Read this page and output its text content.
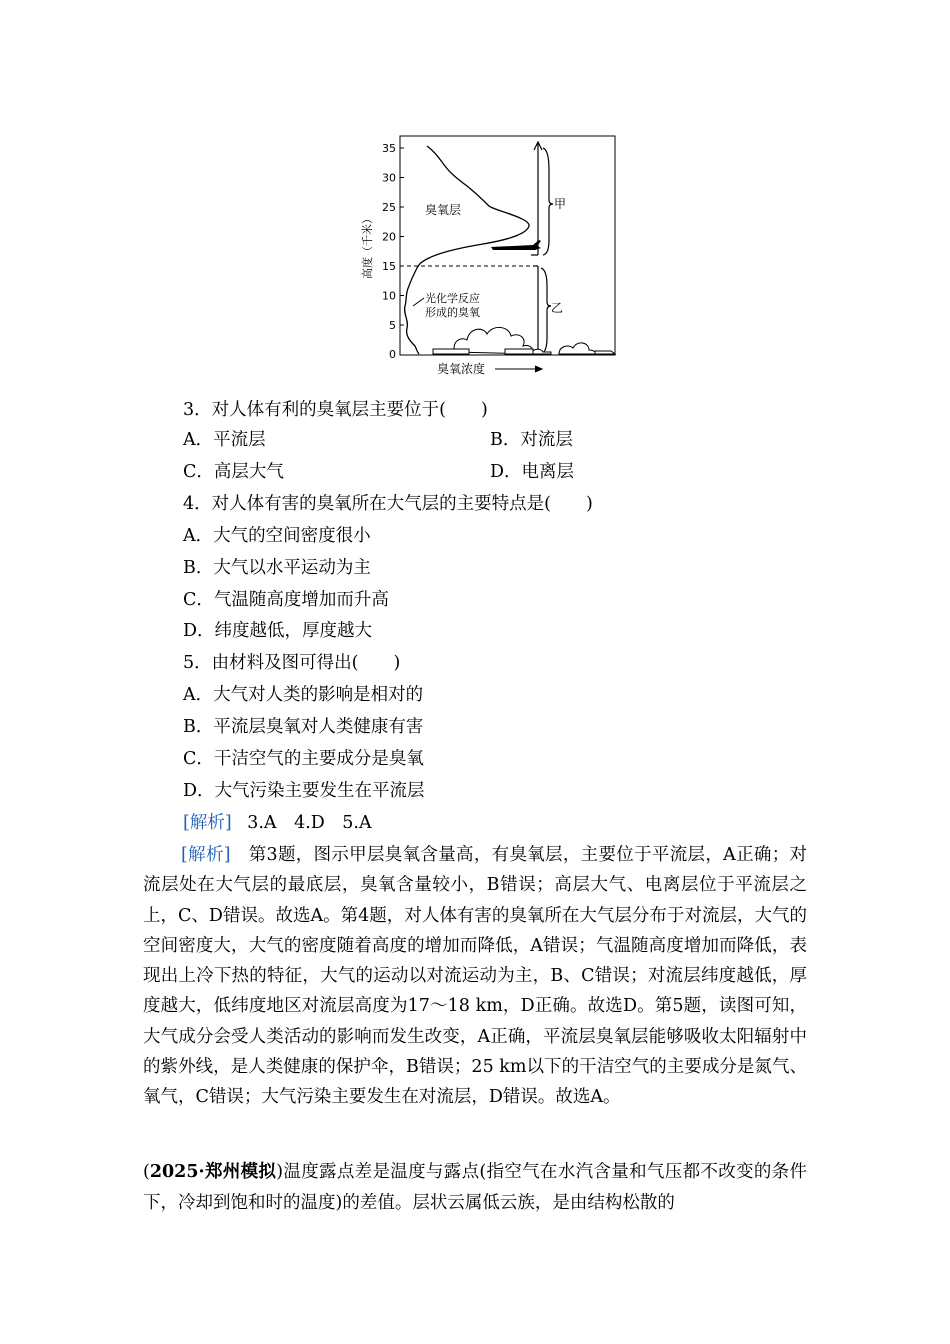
35
30
25
20
15
10
5
0
高度（千米）
甲
乙
臭氧层
光化学反应
形成的臭氧
臭氧浓度
3．对人体有利的臭氧层主要位于(　　)
A．平流层	B．对流层
C．高层大气	D．电离层
4．对人体有害的臭氧所在大气层的主要特点是(　　)
A．大气的空间密度很小
B．大气以水平运动为主
C．气温随高度增加而升高
D．纬度越低，厚度越大
5．由材料及图可得出(　　)
A．大气对人类的影响是相对的
B．平流层臭氧对人类健康有害
C．干洁空气的主要成分是臭氧
D．大气污染主要发生在平流层
[解析] 3.A　4.D　5.A
[解析]　 第3题，图示甲层臭氧含量高，有臭氧层，主要位于平流层，A正确；对流层处在大气层的最底层，臭氧含量较小，B错误；高层大气、电离层位于平流层之上，C、D错误。故选A。第4题，对人体有害的臭氧所在大气层分布于对流层，大气的空间密度大，大气的密度随着高度的增加而降低，A错误；气温随高度增加而降低，表现出上冷下热的特征，大气的运动以对流运动为主，B、C错误；对流层纬度越低，厚度越大，低纬度地区对流层高度为17～18 km，D正确。故选D。第5题，读图可知，大气成分会受人类活动的影响而发生改变，A正确，平流层臭氧层能够吸收太阳辐射中的紫外线，是人类健康的保护伞，B错误；25 km以下的干洁空气的主要成分是氮气、氧气，C错误；大气污染主要发生在对流层，D错误。故选A。
(2025·郑州模拟)温度露点差是温度与露点(指空气在水汽含量和气压都不改变的条件下，冷却到饱和时的温度)的差值。层状云属低云族，是由结构松散的
